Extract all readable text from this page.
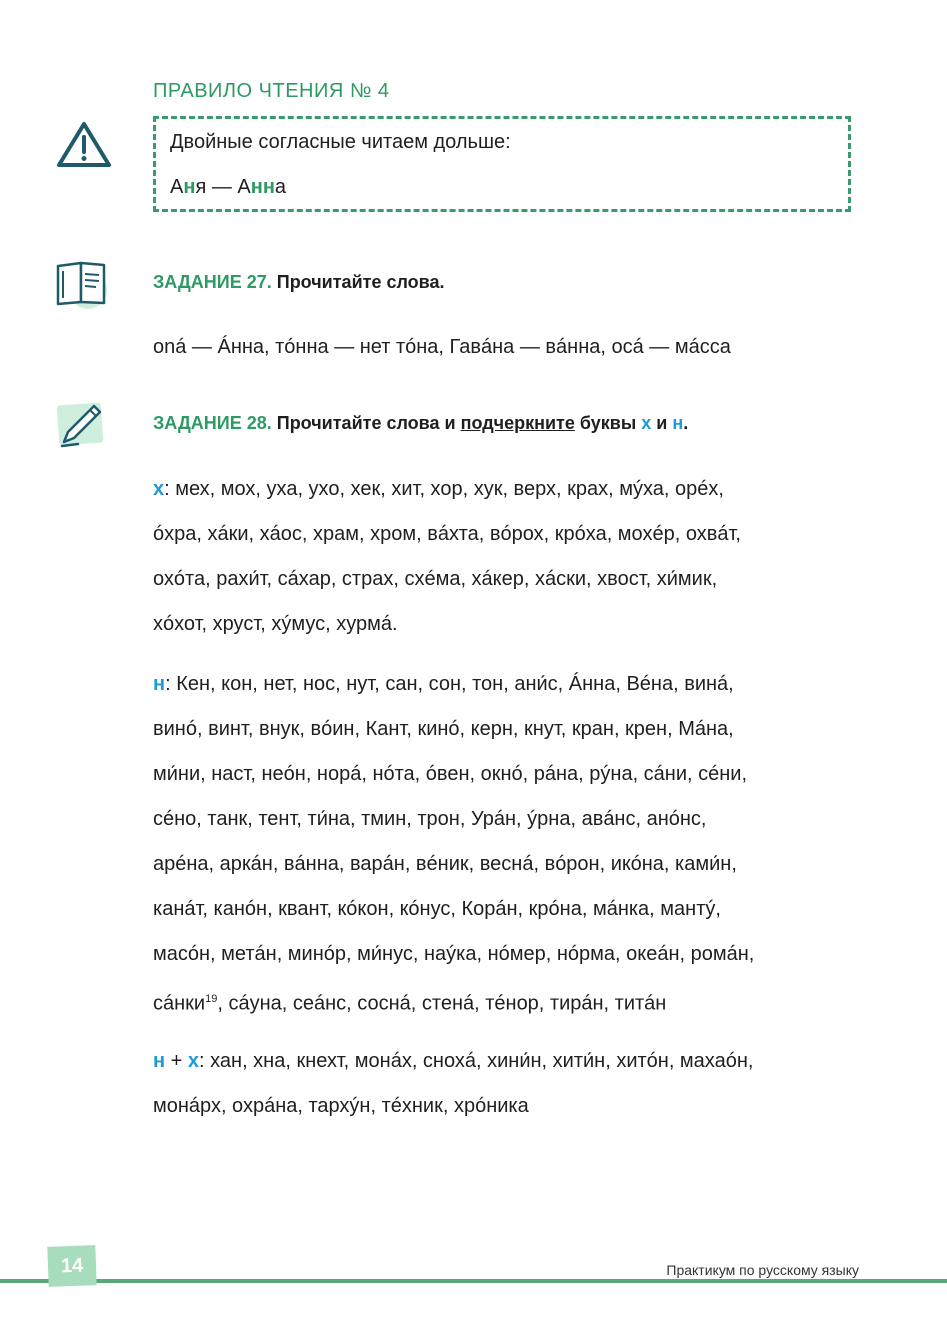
ПРАВИЛО ЧТЕНИЯ № 4
Двойные согласные читаем дольше:
Аня — Анна
ЗАДАНИЕ 27. Прочитайте слова.
оná — Áнна, тóнна — нет тóна, Гавáна — вáнна, осá — мáсса
ЗАДАНИЕ 28. Прочитайте слова и подчеркните буквы х и н.
х: мех, мох, уха, ухо, хек, хит, хор, хук, верх, крах, мýха, орéх,
óхра, хáки, хáос, храм, хром, вáхта, вóрох, крóха, мохéр, охвáт,
охóта, рахи́т, сáхар, страх, схéма, хáкер, хáски, хвост, хи́мик,
хóхот, хруст, хýмус, хурмá.
н: Кен, кон, нет, нос, нут, сан, сон, тон, ани́с, Áнна, Вéна, винá,
винó, винт, внук, вóин, Кант, кинó, керн, кнут, кран, крен, Мáна,
ми́ни, наст, неóн, норá, нóта, óвен, окнó, рáна, рýна, сáни, сéни,
сéно, танк, тент, ти́на, тмин, трон, Урáн, ýрна, авáнс, анóнс,
арéна, аркáн, вáнна, варáн, вéник, веснá, вóрон, икóна, ками́н,
канáт, канóн, квант, кóкон, кóнус, Корáн, крóна, мáнка, мантý,
масóн, метáн, минóр, ми́нус, наýка, нóмер, нóрма, океáн, ромáн,
сáнки$^{19}$, сáуна, сеáнс, соснá, стенá, тéнор, тирáн, титáн
н + х: хан, хна, кнехт, монáх, снохá, хини́н, хити́н, хитóн, махаóн,
монáрх, охрáна, тархýн, тéхник, хрóника
14	Практикум по русскому языку
